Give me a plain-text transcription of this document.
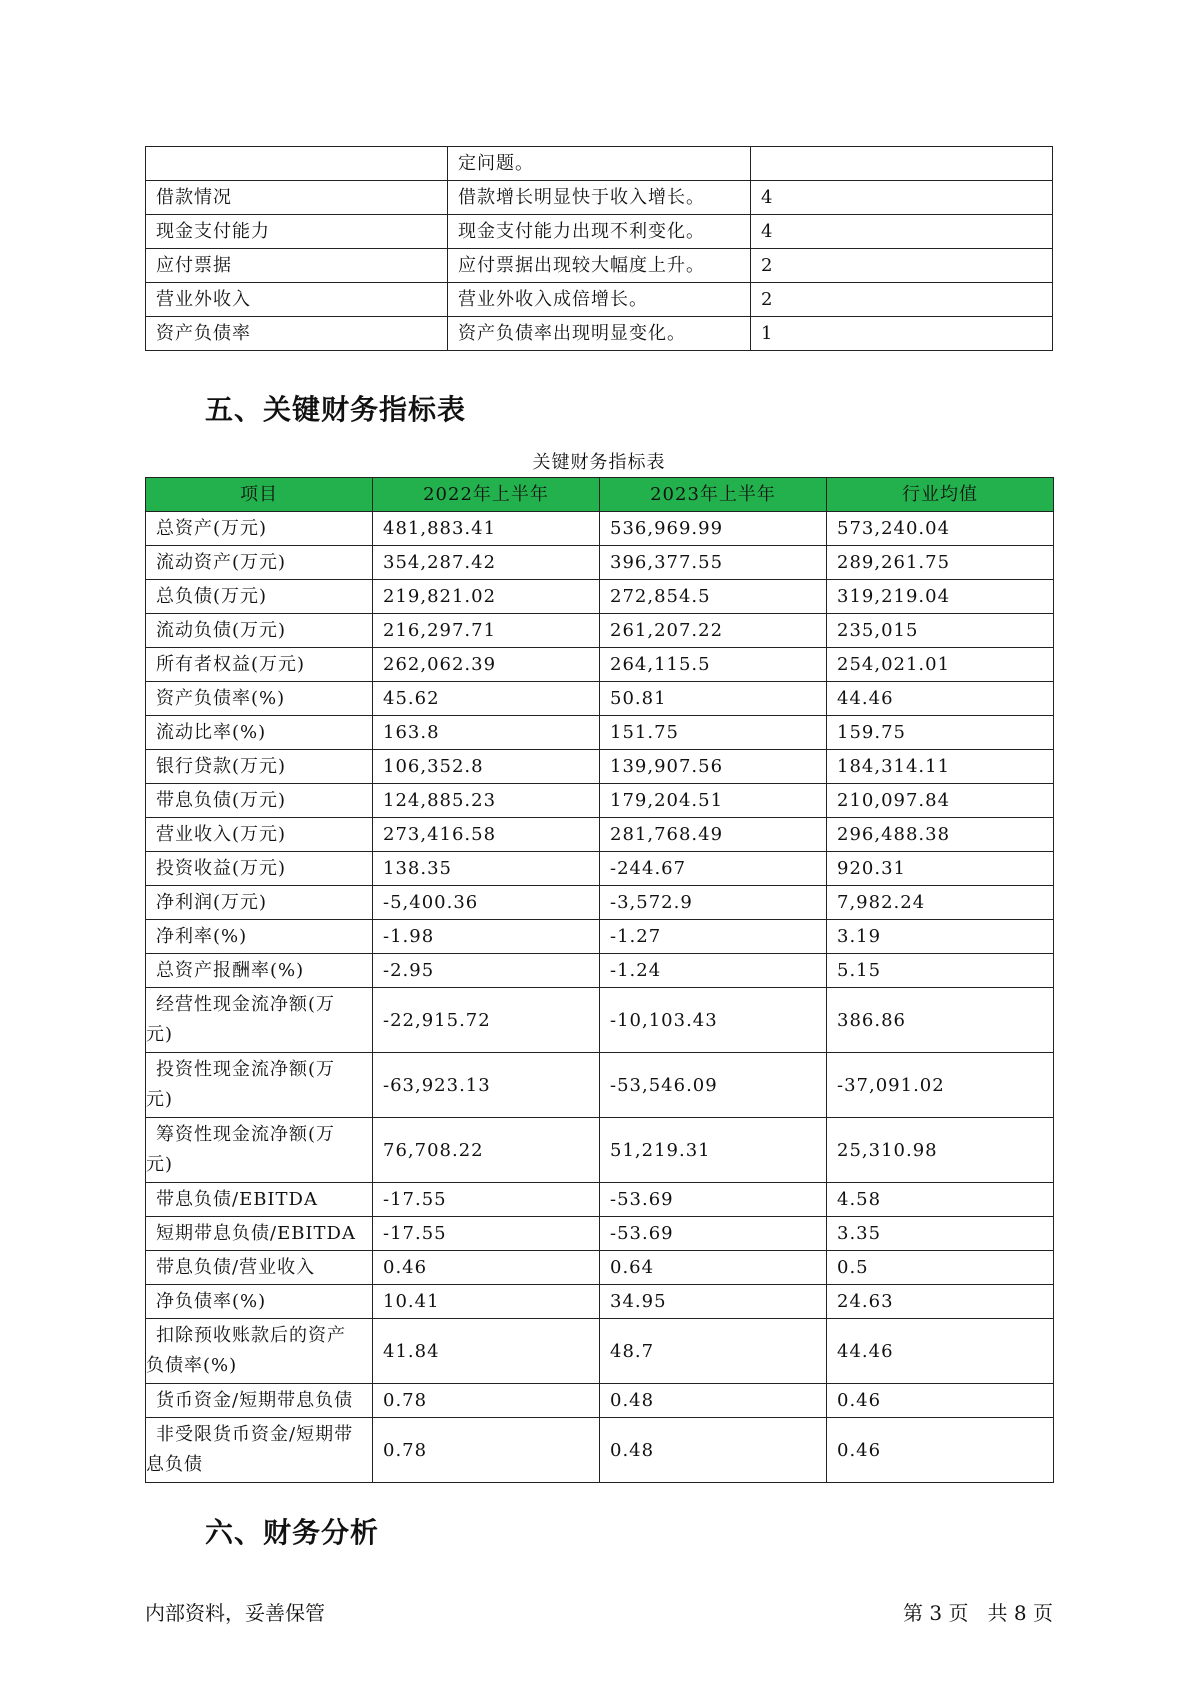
	定问题。	
借款情况	借款增长明显快于收入增长。	4
现金支付能力	现金支付能力出现不利变化。	4
应付票据	应付票据出现较大幅度上升。	2
营业外收入	营业外收入成倍增长。	2
资产负债率	资产负债率出现明显变化。	1
五、关键财务指标表
关键财务指标表
项目	2022年上半年	2023年上半年	行业均值
总资产(万元)	481,883.41	536,969.99	573,240.04
流动资产(万元)	354,287.42	396,377.55	289,261.75
总负债(万元)	219,821.02	272,854.5	319,219.04
流动负债(万元)	216,297.71	261,207.22	235,015
所有者权益(万元)	262,062.39	264,115.5	254,021.01
资产负债率(%)	45.62	50.81	44.46
流动比率(%)	163.8	151.75	159.75
银行贷款(万元)	106,352.8	139,907.56	184,314.11
带息负债(万元)	124,885.23	179,204.51	210,097.84
营业收入(万元)	273,416.58	281,768.49	296,488.38
投资收益(万元)	138.35	-244.67	920.31
净利润(万元)	-5,400.36	-3,572.9	7,982.24
净利率(%)	-1.98	-1.27	3.19
总资产报酬率(%)	-2.95	-1.24	5.15
经营性现金流净额(万元)	-22,915.72	-10,103.43	386.86
投资性现金流净额(万元)	-63,923.13	-53,546.09	-37,091.02
筹资性现金流净额(万元)	76,708.22	51,219.31	25,310.98
带息负债/EBITDA	-17.55	-53.69	4.58
短期带息负债/EBITDA	-17.55	-53.69	3.35
带息负债/营业收入	0.46	0.64	0.5
净负债率(%)	10.41	34.95	24.63
扣除预收账款后的资产负债率(%)	41.84	48.7	44.46
货币资金/短期带息负债	0.78	0.48	0.46
非受限货币资金/短期带息负债	0.78	0.48	0.46
六、财务分析
内部资料，妥善保管	第 3 页   共 8 页
